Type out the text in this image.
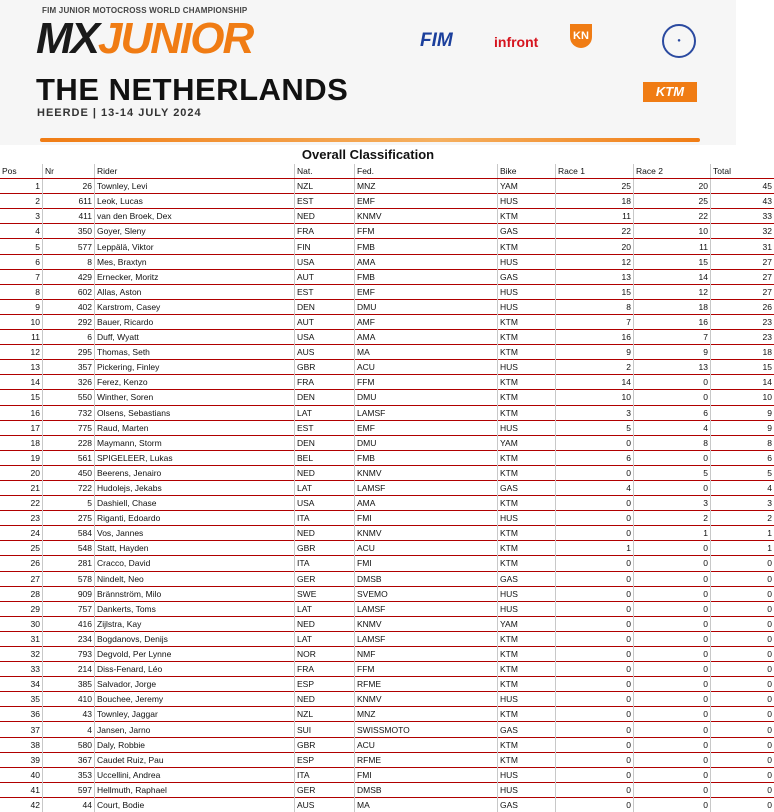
FIM JUNIOR MOTOCROSS WORLD CHAMPIONSHIP
MXJUNIOR
THE NETHERLANDS
HEERDE | 13-14 JULY 2024
FIM	infront	KN	●
KTM
Overall Classification
Pos	Nr	Rider	Nat.	Fed.	Bike	Race 1	Race 2	Total
1	26	Townley, Levi	NZL	MNZ	YAM	25	20	45
2	611	Leok, Lucas	EST	EMF	HUS	18	25	43
3	411	van den Broek, Dex	NED	KNMV	KTM	11	22	33
4	350	Goyer, Sleny	FRA	FFM	GAS	22	10	32
5	577	Leppälä, Viktor	FIN	FMB	KTM	20	11	31
6	8	Mes, Braxtyn	USA	AMA	HUS	12	15	27
7	429	Ernecker, Moritz	AUT	FMB	GAS	13	14	27
8	602	Allas, Aston	EST	EMF	HUS	15	12	27
9	402	Karstrom, Casey	DEN	DMU	HUS	8	18	26
10	292	Bauer, Ricardo	AUT	AMF	KTM	7	16	23
11	6	Duff, Wyatt	USA	AMA	KTM	16	7	23
12	295	Thomas, Seth	AUS	MA	KTM	9	9	18
13	357	Pickering, Finley	GBR	ACU	HUS	2	13	15
14	326	Ferez, Kenzo	FRA	FFM	KTM	14	0	14
15	550	Winther, Soren	DEN	DMU	KTM	10	0	10
16	732	Olsens, Sebastians	LAT	LAMSF	KTM	3	6	9
17	775	Raud, Marten	EST	EMF	HUS	5	4	9
18	228	Maymann, Storm	DEN	DMU	YAM	0	8	8
19	561	SPIGELEER, Lukas	BEL	FMB	KTM	6	0	6
20	450	Beerens, Jenairo	NED	KNMV	KTM	0	5	5
21	722	Hudolejs, Jekabs	LAT	LAMSF	GAS	4	0	4
22	5	Dashiell, Chase	USA	AMA	KTM	0	3	3
23	275	Riganti, Edoardo	ITA	FMI	HUS	0	2	2
24	584	Vos, Jannes	NED	KNMV	KTM	0	1	1
25	548	Statt, Hayden	GBR	ACU	KTM	1	0	1
26	281	Cracco, David	ITA	FMI	KTM	0	0	0
27	578	Nindelt, Neo	GER	DMSB	GAS	0	0	0
28	909	Brännström, Milo	SWE	SVEMO	HUS	0	0	0
29	757	Dankerts, Toms	LAT	LAMSF	HUS	0	0	0
30	416	Zijlstra, Kay	NED	KNMV	YAM	0	0	0
31	234	Bogdanovs, Denijs	LAT	LAMSF	KTM	0	0	0
32	793	Degvold, Per Lynne	NOR	NMF	KTM	0	0	0
33	214	Diss-Fenard, Léo	FRA	FFM	KTM	0	0	0
34	385	Salvador, Jorge	ESP	RFME	KTM	0	0	0
35	410	Bouchee, Jeremy	NED	KNMV	HUS	0	0	0
36	43	Townley, Jaggar	NZL	MNZ	KTM	0	0	0
37	4	Jansen, Jarno	SUI	SWISSMOTO	GAS	0	0	0
38	580	Daly, Robbie	GBR	ACU	KTM	0	0	0
39	367	Caudet Ruiz, Pau	ESP	RFME	KTM	0	0	0
40	353	Uccellini, Andrea	ITA	FMI	HUS	0	0	0
41	597	Hellmuth, Raphael	GER	DMSB	HUS	0	0	0
42	44	Court, Bodie	AUS	MA	GAS	0	0	0
